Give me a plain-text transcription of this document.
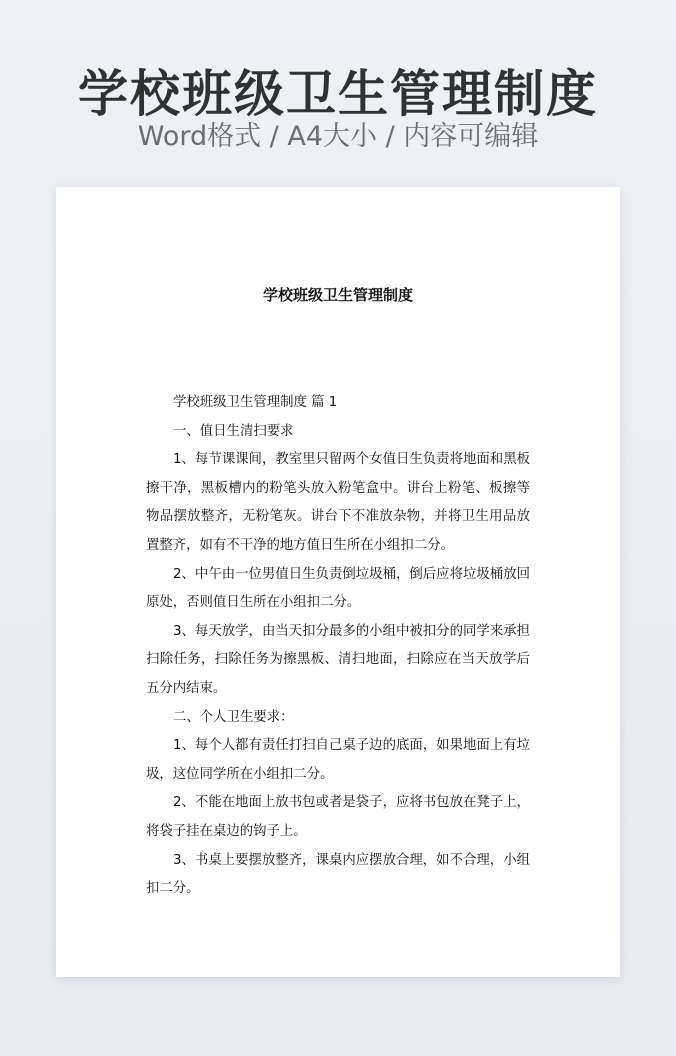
学校班级卫生管理制度
Word格式 / A4大小 / 内容可编辑
学校班级卫生管理制度

学校班级卫生管理制度 篇 1

一、值日生清扫要求

1、每节课课间，教室里只留两个女值日生负责将地面和黑板擦干净，黑板槽内的粉笔头放入粉笔盒中。讲台上粉笔、板擦等物品摆放整齐，无粉笔灰。讲台下不准放杂物，并将卫生用品放置整齐，如有不干净的地方值日生所在小组扣二分。

2、中午由一位男值日生负责倒垃圾桶，倒后应将垃圾桶放回原处，否则值日生所在小组扣二分。

3、每天放学，由当天扣分最多的小组中被扣分的同学来承担扫除任务，扫除任务为擦黑板、清扫地面，扫除应在当天放学后五分内结束。

二、个人卫生要求：

1、每个人都有责任打扫自己桌子边的底面，如果地面上有垃圾，这位同学所在小组扣二分。

2、不能在地面上放书包或者是袋子，应将书包放在凳子上，将袋子挂在桌边的钩子上。

3、书桌上要摆放整齐，课桌内应摆放合理，如不合理，小组扣二分。
